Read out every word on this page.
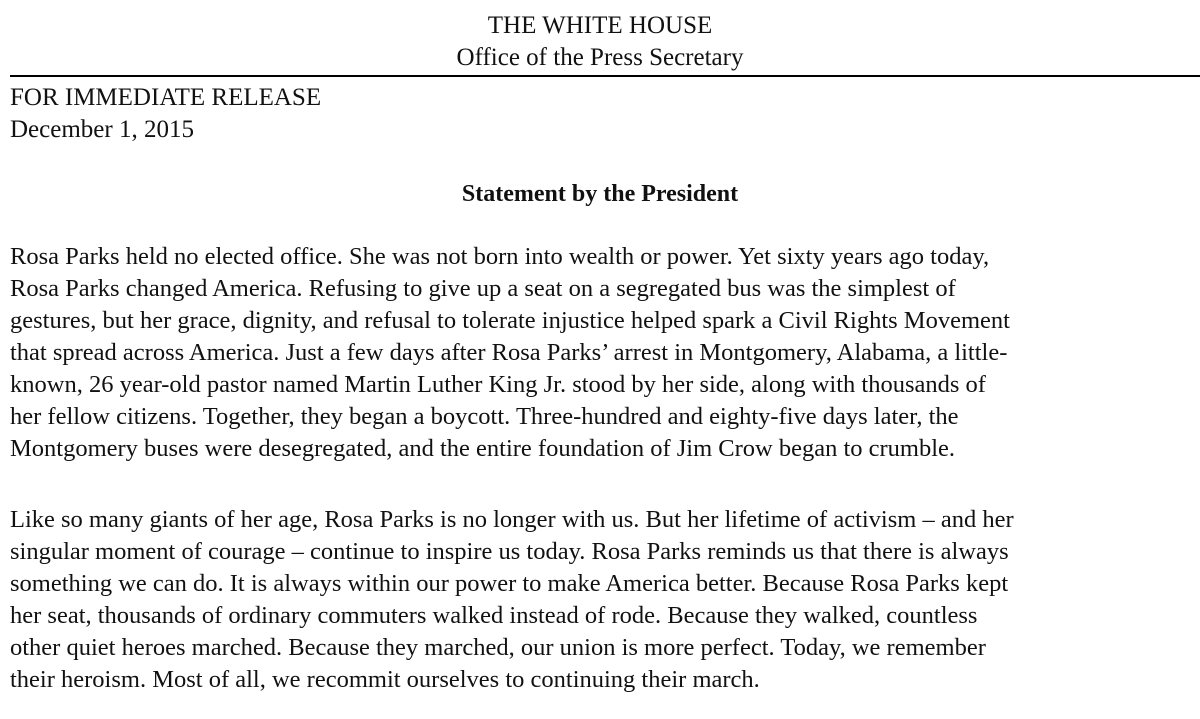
THE WHITE HOUSE
Office of the Press Secretary
FOR IMMEDIATE RELEASE
December 1, 2015
Statement by the President

Rosa Parks held no elected office. She was not born into wealth or power. Yet sixty years ago today,
Rosa Parks changed America. Refusing to give up a seat on a segregated bus was the simplest of
gestures, but her grace, dignity, and refusal to tolerate injustice helped spark a Civil Rights Movement
that spread across America. Just a few days after Rosa Parks’ arrest in Montgomery, Alabama, a little-
known, 26 year-old pastor named Martin Luther King Jr. stood by her side, along with thousands of
her fellow citizens. Together, they began a boycott. Three-hundred and eighty-five days later, the
Montgomery buses were desegregated, and the entire foundation of Jim Crow began to crumble.

Like so many giants of her age, Rosa Parks is no longer with us. But her lifetime of activism – and her
singular moment of courage – continue to inspire us today. Rosa Parks reminds us that there is always
something we can do. It is always within our power to make America better. Because Rosa Parks kept
her seat, thousands of ordinary commuters walked instead of rode. Because they walked, countless
other quiet heroes marched. Because they marched, our union is more perfect. Today, we remember
their heroism. Most of all, we recommit ourselves to continuing their march.
